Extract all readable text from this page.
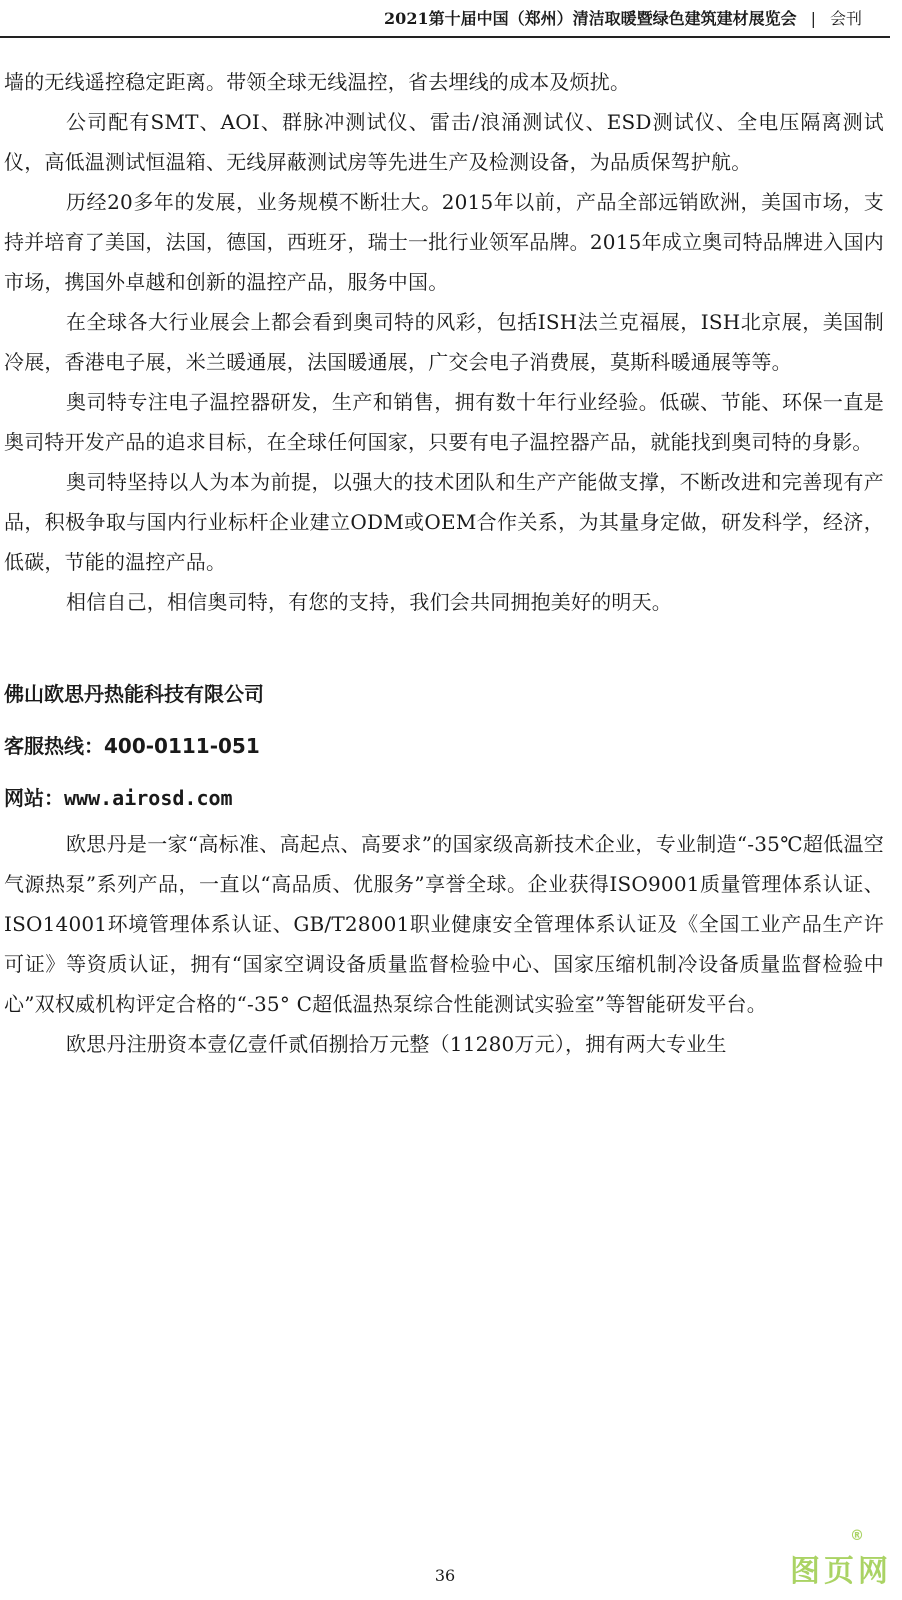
2021第十届中国（郑州）清洁取暖暨绿色建筑建材展览会 | 会刊

墙的无线遥控稳定距离。带领全球无线温控，省去埋线的成本及烦扰。

公司配有SMT、AOI、群脉冲测试仪、雷击/浪涌测试仪、ESD测试仪、全电压隔离测试仪，高低温测试恒温箱、无线屏蔽测试房等先进生产及检测设备，为品质保驾护航。

历经20多年的发展，业务规模不断壮大。2015年以前，产品全部远销欧洲，美国市场，支持并培育了美国，法国，德国，西班牙，瑞士一批行业领军品牌。2015年成立奥司特品牌进入国内市场，携国外卓越和创新的温控产品，服务中国。

在全球各大行业展会上都会看到奥司特的风彩，包括ISH法兰克福展，ISH北京展，美国制冷展，香港电子展，米兰暖通展，法国暖通展，广交会电子消费展，莫斯科暖通展等等。

奥司特专注电子温控器研发，生产和销售，拥有数十年行业经验。低碳、节能、环保一直是奥司特开发产品的追求目标，在全球任何国家，只要有电子温控器产品，就能找到奥司特的身影。

奥司特坚持以人为本为前提，以强大的技术团队和生产产能做支撑，不断改进和完善现有产品，积极争取与国内行业标杆企业建立ODM或OEM合作关系，为其量身定做，研发科学，经济，低碳，节能的温控产品。

相信自己，相信奥司特，有您的支持，我们会共同拥抱美好的明天。

佛山欧思丹热能科技有限公司

客服热线：400-0111-051

网站：www.airosd.com

欧思丹是一家“高标准、高起点、高要求”的国家级高新技术企业，专业制造“-35℃超低温空气源热泵”系列产品，一直以“高品质、优服务”享誉全球。企业获得ISO9001质量管理体系认证、ISO14001环境管理体系认证、GB/T28001职业健康安全管理体系认证及《全国工业产品生产许可证》等资质认证，拥有“国家空调设备质量监督检验中心、国家压缩机制冷设备质量监督检验中心”双权威机构评定合格的“-35° C超低温热泵综合性能测试实验室”等智能研发平台。

欧思丹注册资本壹亿壹仟贰佰捌拾万元整（11280万元），拥有两大专业生

36	图页网
®
